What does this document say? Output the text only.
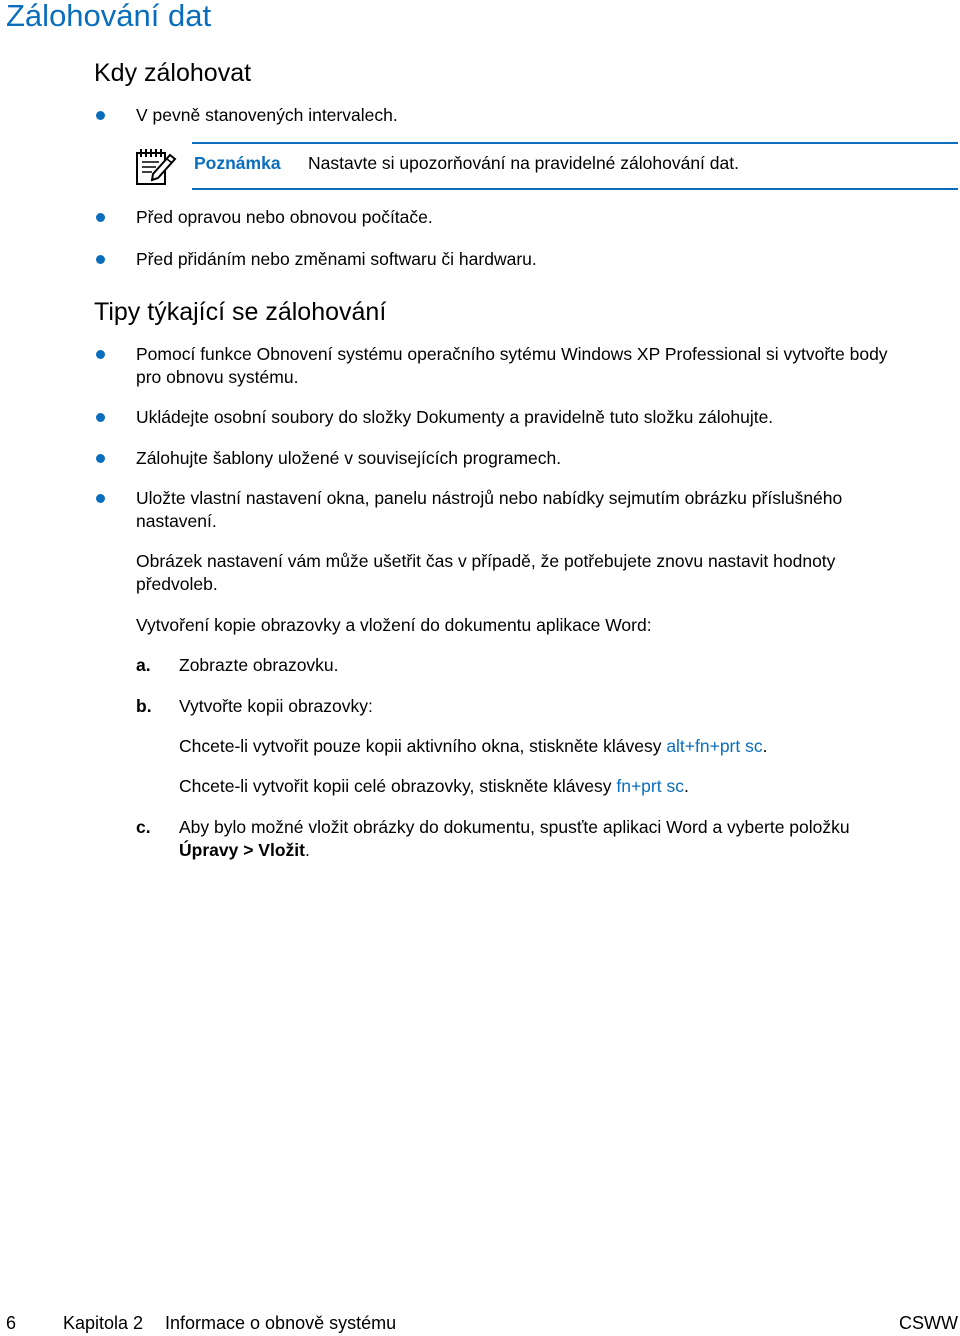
Zálohování dat
Kdy zálohovat
V pevně stanovených intervalech.
Poznámka Nastavte si upozorňování na pravidelné zálohování dat.
Před opravou nebo obnovou počítače.
Před přidáním nebo změnami softwaru či hardwaru.
Tipy týkající se zálohování
Pomocí funkce Obnovení systému operačního sytému Windows XP Professional si vytvořte body
pro obnovu systému.
Ukládejte osobní soubory do složky Dokumenty a pravidelně tuto složku zálohujte.
Zálohujte šablony uložené v souvisejících programech.
Uložte vlastní nastavení okna, panelu nástrojů nebo nabídky sejmutím obrázku příslušného
nastavení.
Obrázek nastavení vám může ušetřit čas v případě, že potřebujete znovu nastavit hodnoty
předvoleb.
Vytvoření kopie obrazovky a vložení do dokumentu aplikace Word:
a. Zobrazte obrazovku.
b. Vytvořte kopii obrazovky:
Chcete-li vytvořit pouze kopii aktivního okna, stiskněte klávesy alt+fn+prt sc.
Chcete-li vytvořit kopii celé obrazovky, stiskněte klávesy fn+prt sc.
c. Aby bylo možné vložit obrázky do dokumentu, spusťte aplikaci Word a vyberte položku
Úpravy > Vložit.
6	Kapitola 2 Informace o obnově systému	CSWW
